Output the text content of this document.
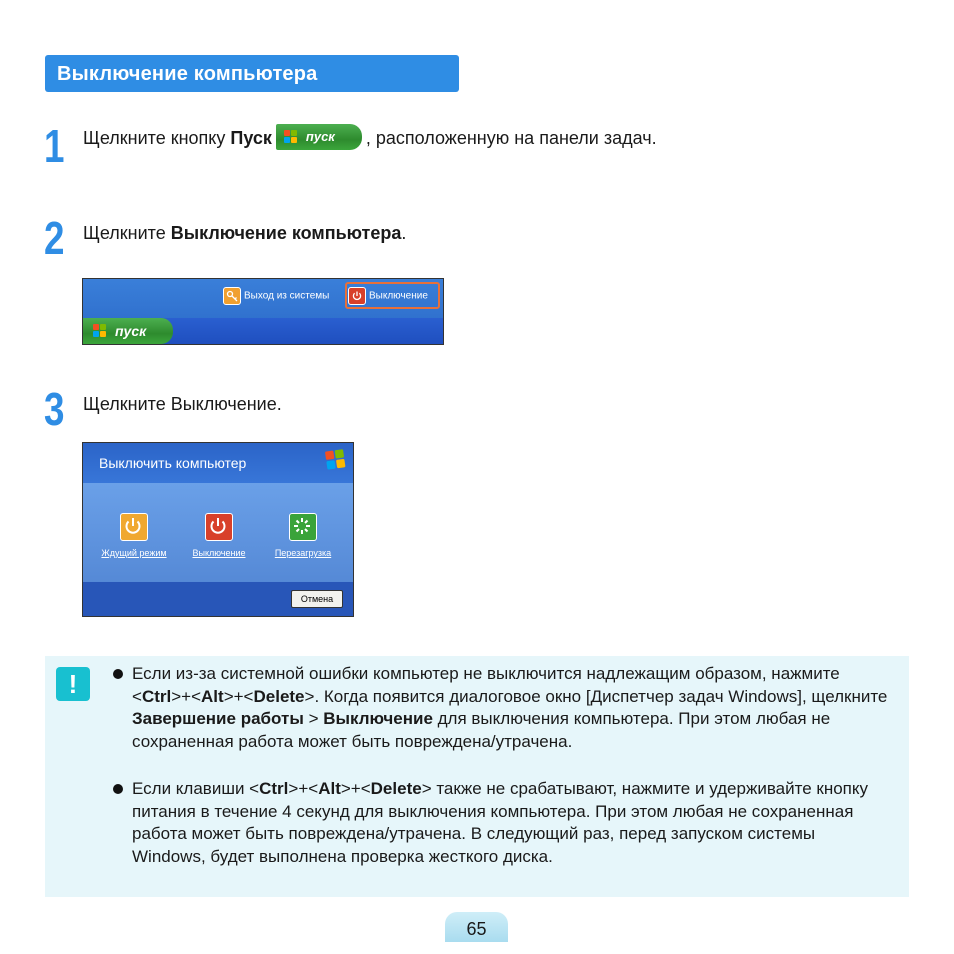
Выключение компьютера
1 Щелкните кнопку Пуск	пуск , расположенную на панели задач.
2 Щелкните Выключение компьютера.
Выход из системы	Выключение
пуск
3 Щелкните Выключение.
Выключить компьютер
Ждущий режим	Выключение	Перезагрузка
Отмена
!	Если из-за системной ошибки компьютер не выключится надлежащим образом, нажмите <Ctrl>+<Alt>+<Delete>. Когда появится диалоговое окно [Диспетчер задач Windows], щелкните Завершение работы > Выключение для выключения компьютера. При этом любая не сохраненная работа может быть повреждена/утрачена.
Если клавиши <Ctrl>+<Alt>+<Delete> также не срабатывают, нажмите и удерживайте кнопку питания в течение 4 секунд для выключения компьютера. При этом любая не сохраненная работа может быть повреждена/утрачена. В следующий раз, перед запуском системы Windows, будет выполнена проверка жесткого диска.
65
